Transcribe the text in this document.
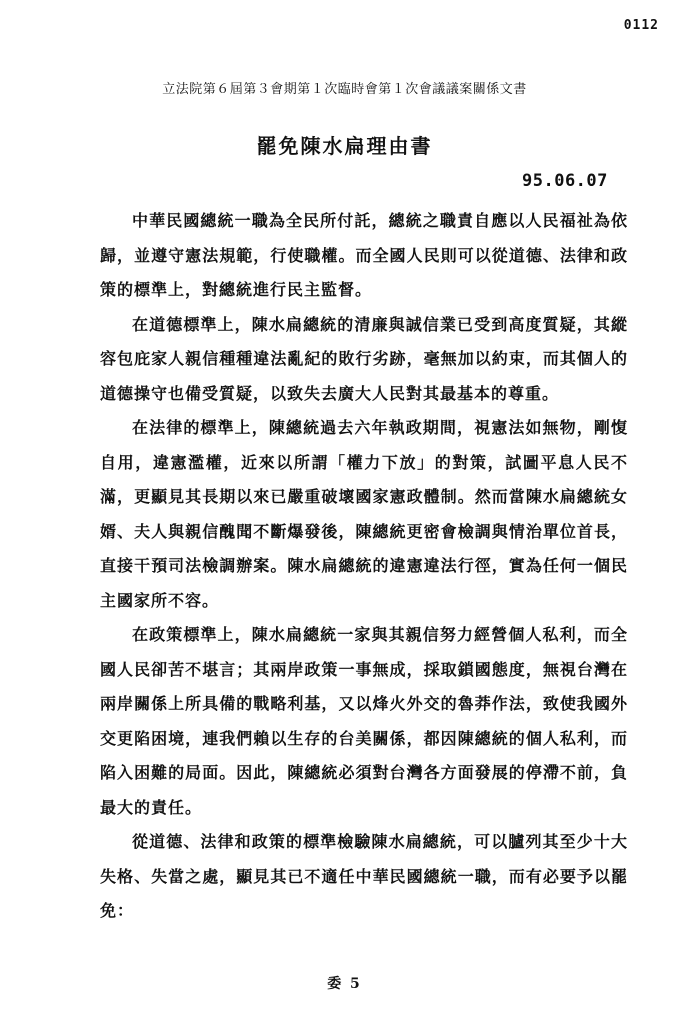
0112
立法院第６屆第３會期第１次臨時會第１次會議議案關係文書
罷免陳水扁理由書
95.06.07

中華民國總統一職為全民所付託，總統之職責自應以人民福祉為依歸，並遵守憲法規範，行使職權。而全國人民則可以從道德、法律和政策的標準上，對總統進行民主監督。

在道德標準上，陳水扁總統的清廉與誠信業已受到高度質疑，其縱容包庇家人親信種種違法亂紀的敗行劣跡，毫無加以約束，而其個人的道德操守也備受質疑，以致失去廣大人民對其最基本的尊重。

在法律的標準上，陳總統過去六年執政期間，視憲法如無物，剛愎自用，違憲濫權，近來以所謂「權力下放」的對策，試圖平息人民不滿，更顯見其長期以來已嚴重破壞國家憲政體制。然而當陳水扁總統女婿、夫人與親信醜聞不斷爆發後，陳總統更密會檢調與情治單位首長，直接干預司法檢調辦案。陳水扁總統的違憲違法行徑，實為任何一個民主國家所不容。

在政策標準上，陳水扁總統一家與其親信努力經營個人私利，而全國人民卻苦不堪言；其兩岸政策一事無成，採取鎖國態度，無視台灣在兩岸關係上所具備的戰略利基，又以烽火外交的魯莽作法，致使我國外交更陷困境，連我們賴以生存的台美關係，都因陳總統的個人私利，而陷入困難的局面。因此，陳總統必須對台灣各方面發展的停滯不前，負最大的責任。

從道德、法律和政策的標準檢驗陳水扁總統，可以臚列其至少十大失格、失當之處，顯見其已不適任中華民國總統一職，而有必要予以罷免：

委 5
